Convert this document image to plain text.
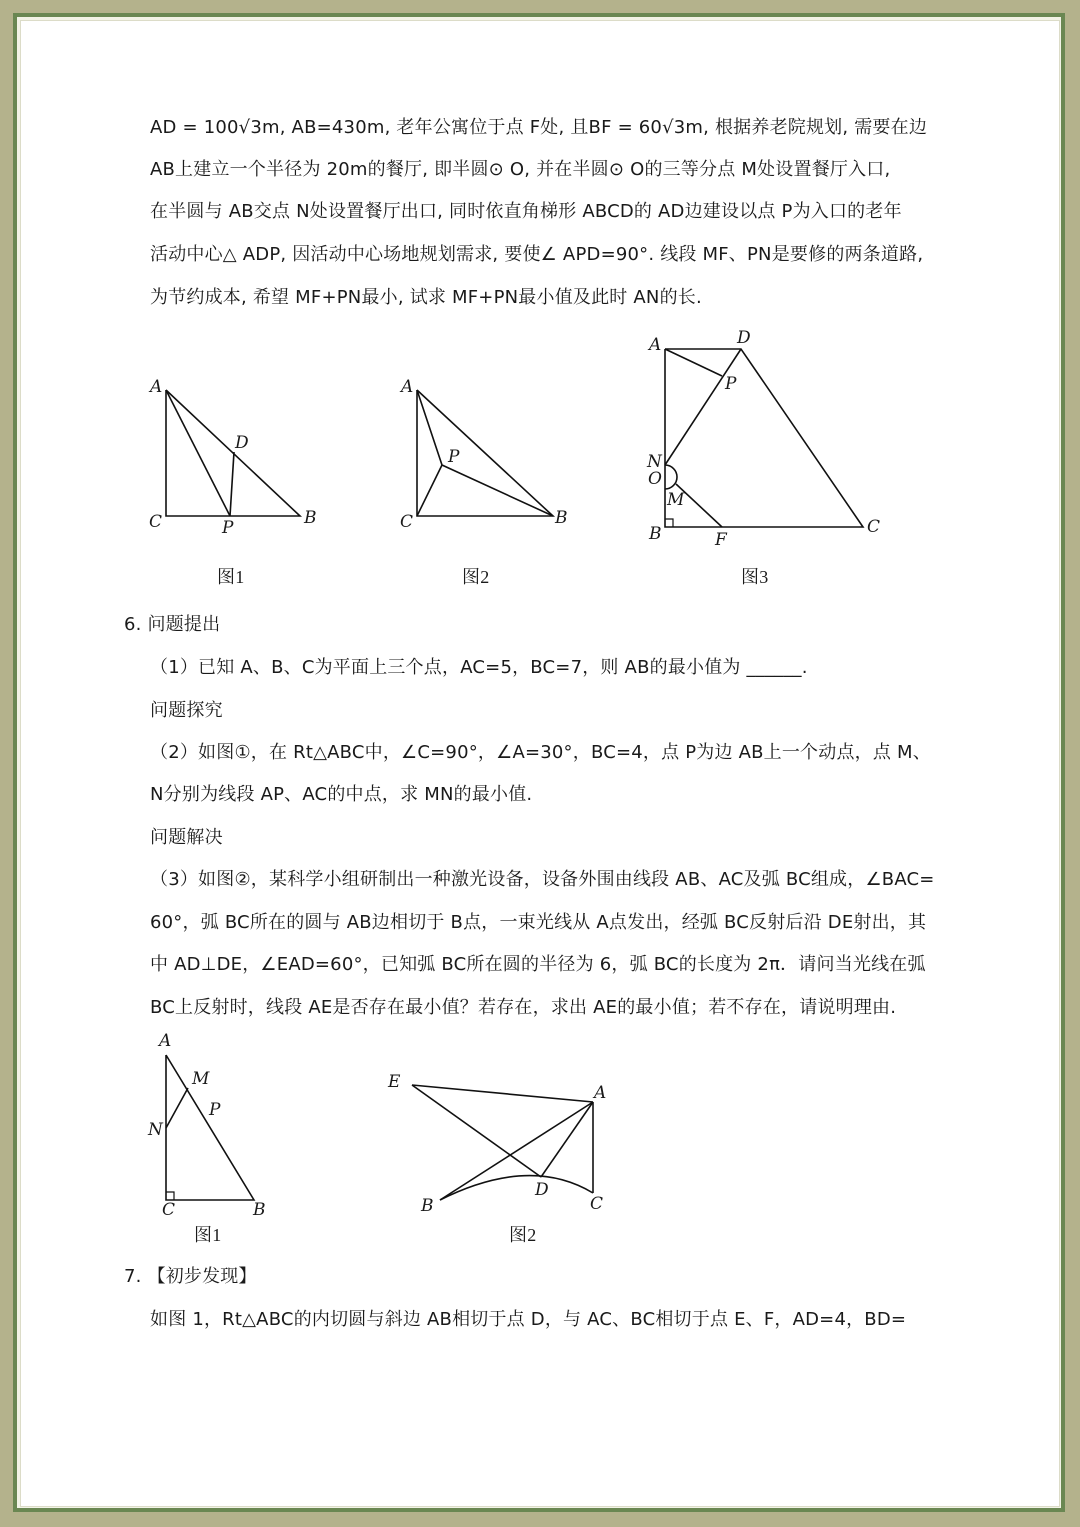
AD = 100√3m, AB=430m, 老年公寓位于点 F处, 且BF = 60√3m, 根据养老院规划, 需要在边
AB上建立一个半径为 20m的餐厅, 即半圆⊙ O, 并在半圆⊙ O的三等分点 M处设置餐厅入口,
在半圆与 AB交点 N处设置餐厅出口, 同时依直角梯形 ABCD的 AD边建设以点 P为入口的老年
活动中心△ ADP, 因活动中心场地规划需求, 要使∠ APD=90°. 线段 MF、PN是要修的两条道路,
为节约成本, 希望 MF+PN最小, 试求 MF+PN最小值及此时 AN的长.
A
C	B
D
P
图1
A
C	B
P
图2
A	D
P
N
O
M
B	F
C
图3
6. 问题提出
（1）已知 A、B、C为平面上三个点，AC=5，BC=7，则 AB的最小值为 ______.
问题探究
（2）如图①，在 Rt△ABC中，∠C=90°，∠A=30°，BC=4，点 P为边 AB上一个动点，点 M、
N分别为线段 AP、AC的中点，求 MN的最小值.
问题解决
（3）如图②，某科学小组研制出一种激光设备，设备外围由线段 AB、AC及弧 BC组成，∠BAC=
60°，弧 BC所在的圆与 AB边相切于 B点，一束光线从 A点发出，经弧 BC反射后沿 DE射出，其
中 AD⊥DE，∠EAD=60°，已知弧 BC所在圆的半径为 6，弧 BC的长度为 2π．请问当光线在弧
BC上反射时，线段 AE是否存在最小值？若存在，求出 AE的最小值；若不存在，请说明理由.
A
M
P
N
C	B
图1
E
A
B
D
C
图2
7. 【初步发现】
如图 1，Rt△ABC的内切圆与斜边 AB相切于点 D，与 AC、BC相切于点 E、F，AD=4，BD=
